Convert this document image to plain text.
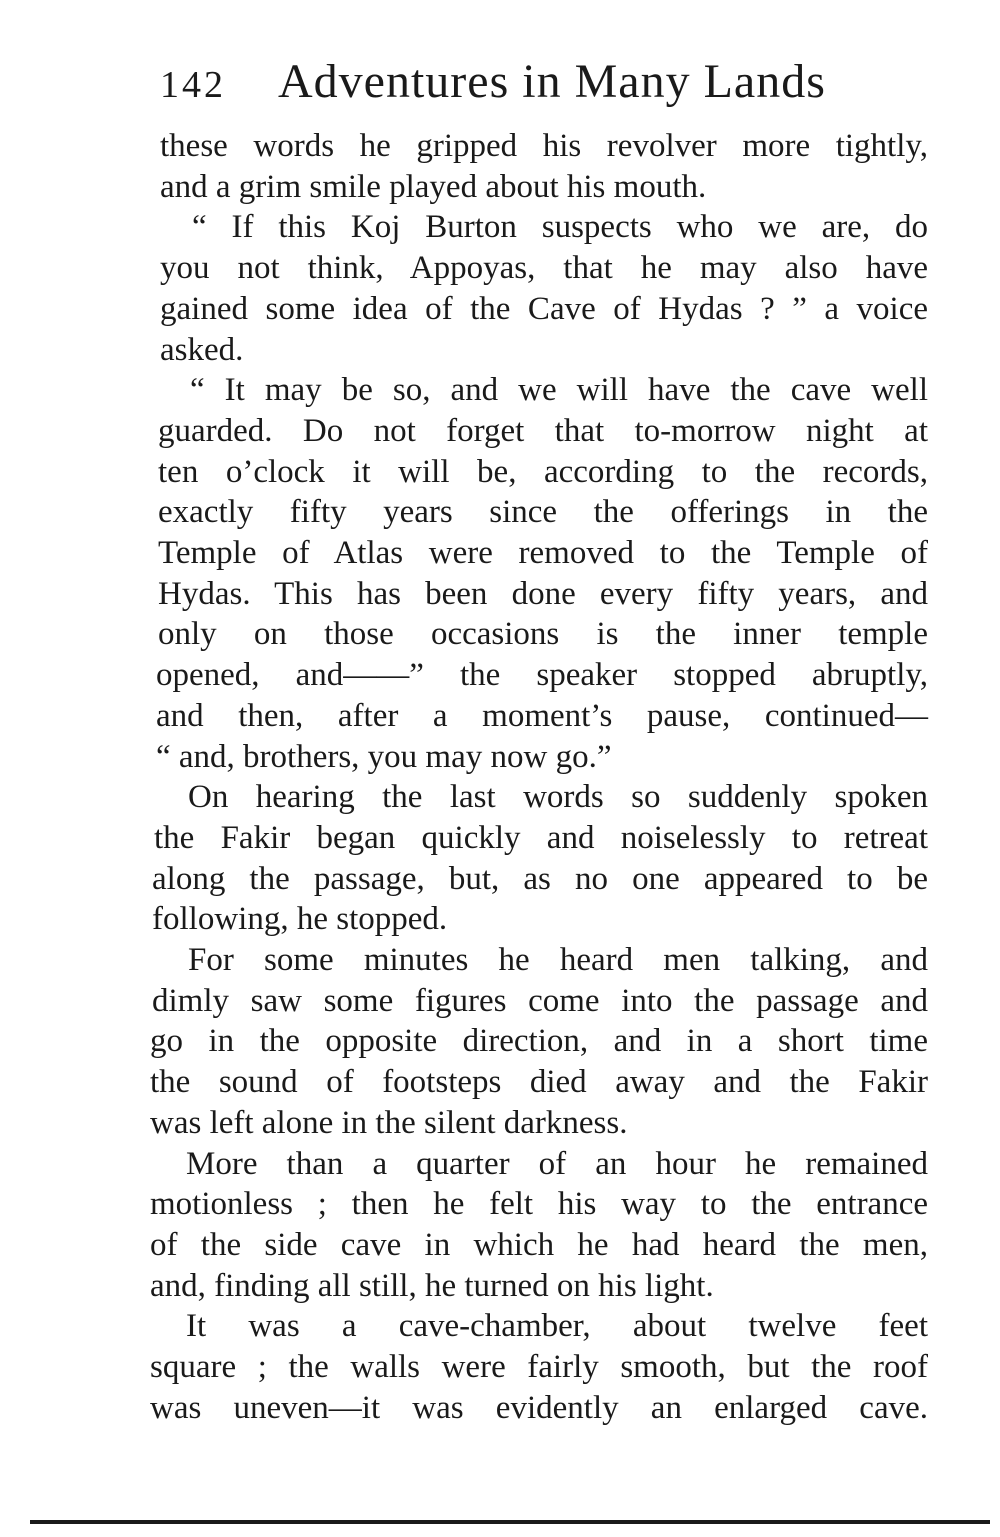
142 Adventures in Many Lands

these words he gripped his revolver more tightly,
and a grim smile played about his mouth.

“ If this Koj Burton suspects who we are, do
you not think, Appoyas, that he may also have
gained some idea of the Cave of Hydas ? ” a voice
asked.

“ It may be so, and we will have the cave well
guarded. Do not forget that to-morrow night at
ten o’clock it will be, according to the records,
exactly fifty years since the offerings in the
Temple of Atlas were removed to the Temple of
Hydas. This has been done every fifty years, and
only on those occasions is the inner temple
opened, and——” the speaker stopped abruptly,
and then, after a moment’s pause, continued—
“ and, brothers, you may now go.”

On hearing the last words so suddenly spoken
the Fakir began quickly and noiselessly to retreat
along the passage, but, as no one appeared to be
following, he stopped.

For some minutes he heard men talking, and
dimly saw some figures come into the passage and
go in the opposite direction, and in a short time
the sound of footsteps died away and the Fakir
was left alone in the silent darkness.

More than a quarter of an hour he remained
motionless ; then he felt his way to the entrance
of the side cave in which he had heard the men,
and, finding all still, he turned on his light.

It was a cave-chamber, about twelve feet
square ; the walls were fairly smooth, but the roof
was uneven—it was evidently an enlarged cave.
